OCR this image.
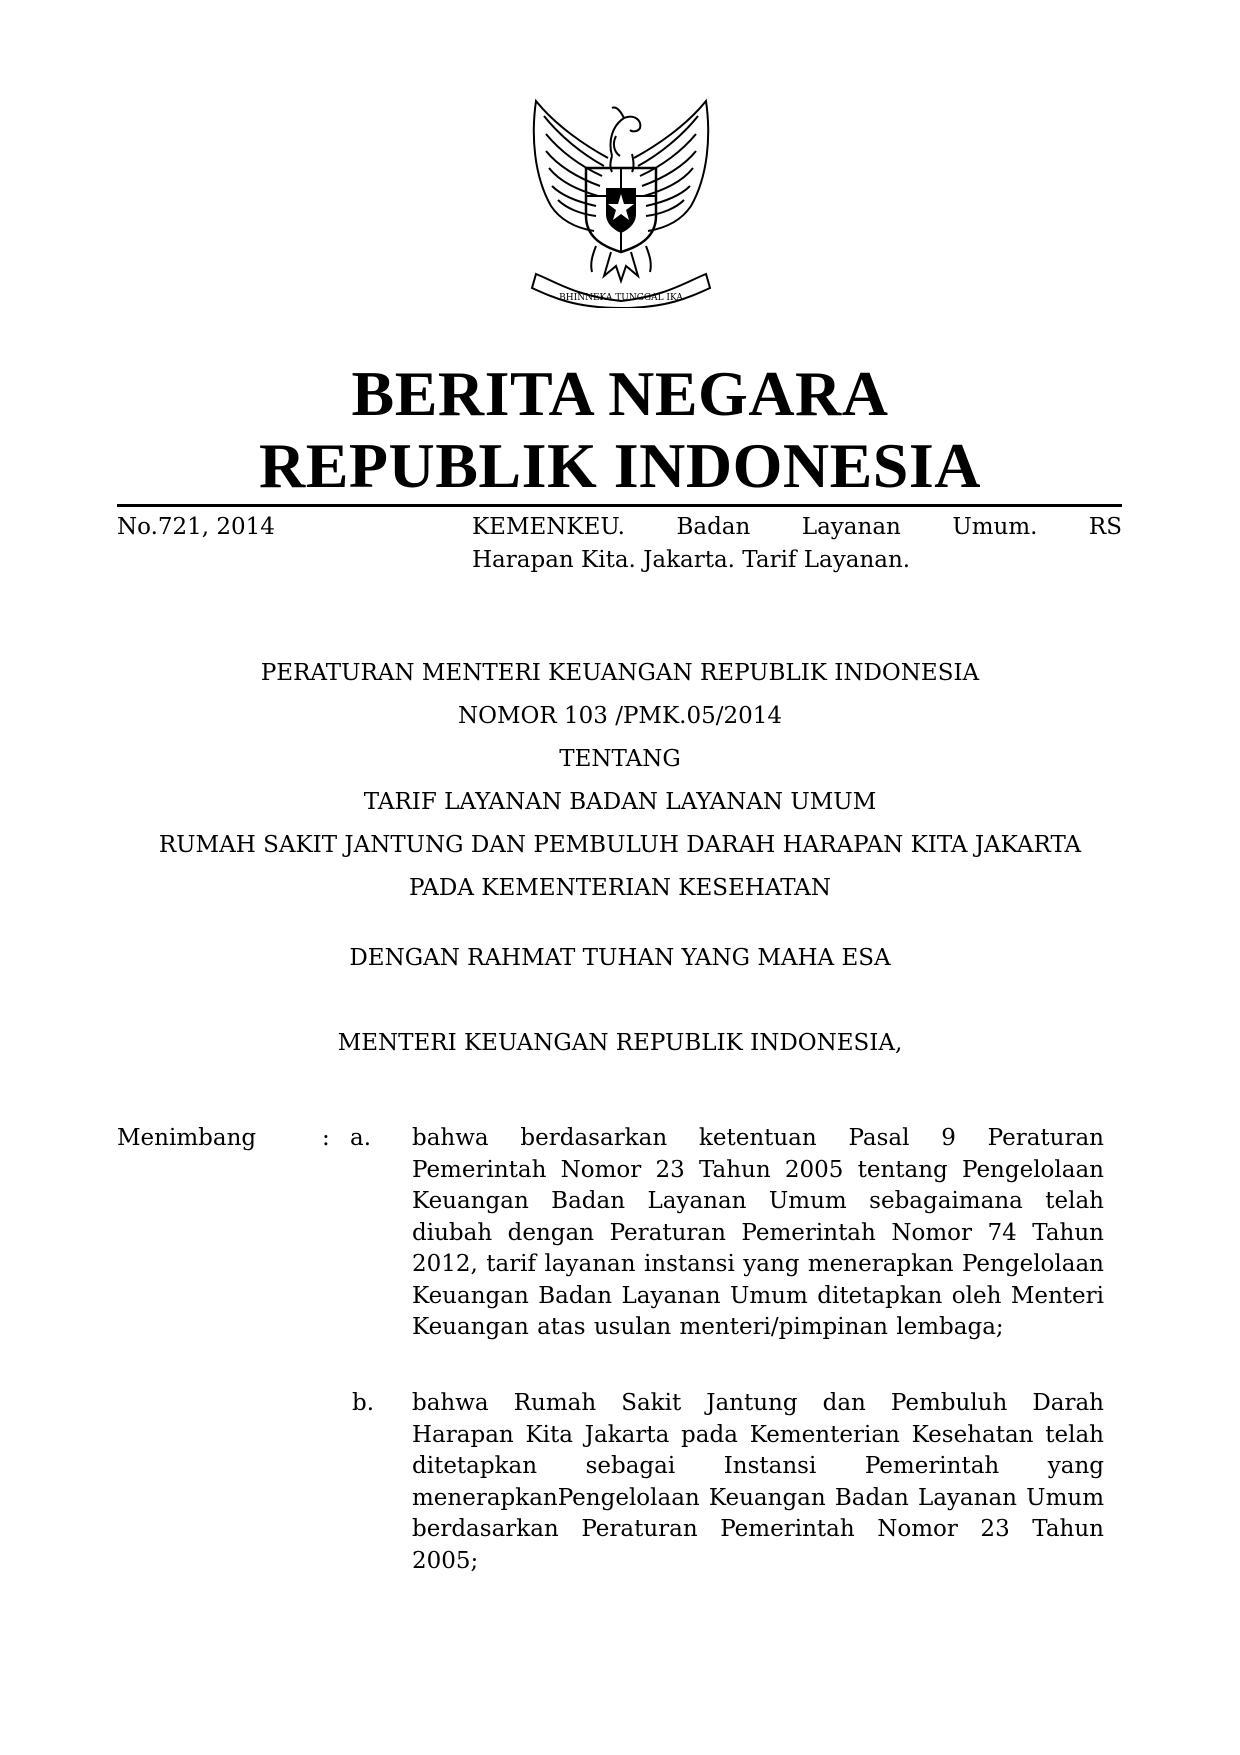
BHINNEKA TUNGGAL IKA
BERITA NEGARA
REPUBLIK INDONESIA
No.721, 2014	KEMENKEU. Badan Layanan Umum. RS
Harapan Kita. Jakarta. Tarif Layanan.
PERATURAN MENTERI KEUANGAN REPUBLIK INDONESIA
NOMOR 103 /PMK.05/2014
TENTANG
TARIF LAYANAN BADAN LAYANAN UMUM
RUMAH SAKIT JANTUNG DAN PEMBULUH DARAH HARAPAN KITA JAKARTA
PADA KEMENTERIAN KESEHATAN
DENGAN RAHMAT TUHAN YANG MAHA ESA
MENTERI KEUANGAN REPUBLIK INDONESIA,
Menimbang	: a. bahwa berdasarkan ketentuan Pasal 9 Peraturan Pemerintah Nomor 23 Tahun 2005 tentang Pengelolaan Keuangan Badan Layanan Umum sebagaimana telah diubah dengan Peraturan Pemerintah Nomor 74 Tahun 2012, tarif layanan instansi yang menerapkan Pengelolaan Keuangan Badan Layanan Umum ditetapkan oleh Menteri Keuangan atas usulan menteri/pimpinan lembaga;
b. bahwa Rumah Sakit Jantung dan Pembuluh Darah Harapan Kita Jakarta pada Kementerian Kesehatan telah ditetapkan sebagai Instansi Pemerintah yang menerapkanPengelolaan Keuangan Badan Layanan Umum berdasarkan Peraturan Pemerintah Nomor 23 Tahun 2005;
